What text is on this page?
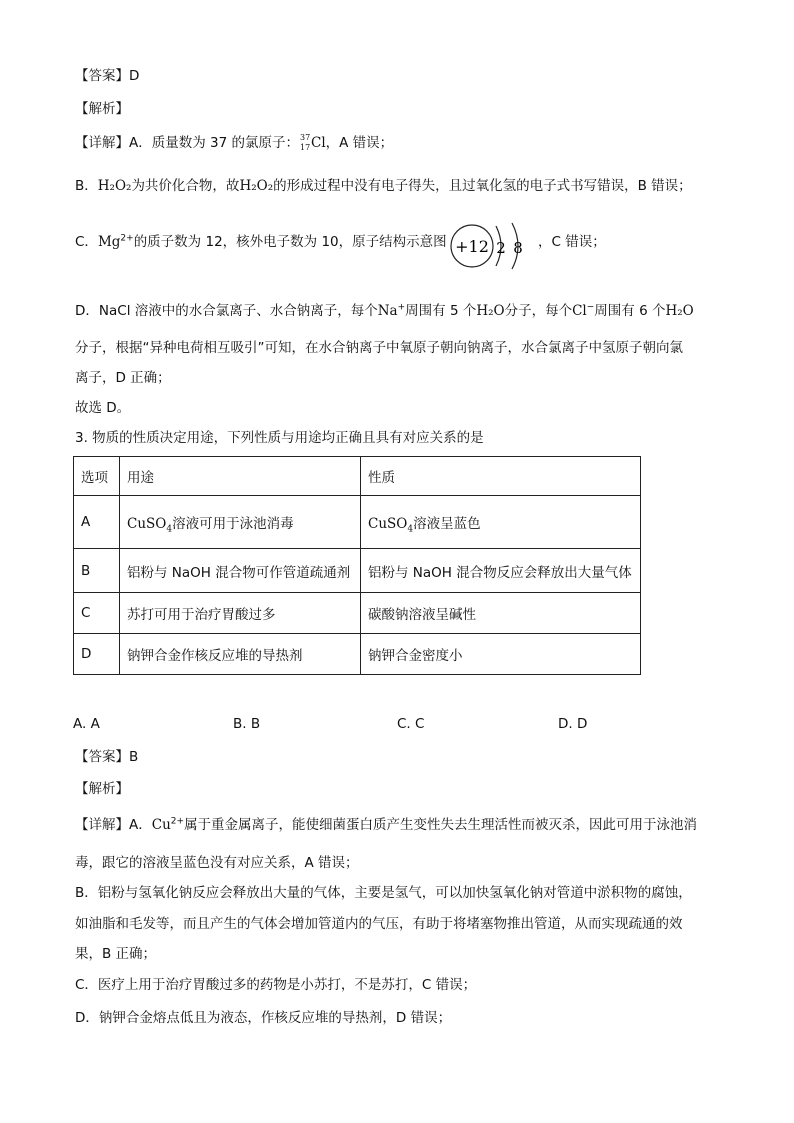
【答案】D
【解析】
【详解】A．质量数为 37 的氯原子： 37
17 Cl，A 错误；
B．H₂O₂为共价化合物，故H₂O₂的形成过程中没有电子得失，且过氧化氢的电子式书写错误，B 错误；
C．$Mg^{2+}$的质子数为 12，核外电子数为 10，原子结构示意图 +12 2 8 ，C 错误；
D．NaCl 溶液中的水合氯离子、水合钠离子，每个Na+周围有 5 个H₂O分子，每个Cl−周围有 6 个H₂O
分子，根据“异种电荷相互吸引”可知，在水合钠离子中氧原子朝向钠离子，水合氯离子中氢原子朝向氯
离子，D 正确；
故选 D。
3. 物质的性质决定用途，下列性质与用途均正确且具有对应关系的是
选项	用途	性质
A	CuSO$_4$溶液可用于泳池消毒	CuSO$_4$溶液呈蓝色
B	铝粉与 NaOH 混合物可作管道疏通剂	铝粉与 NaOH 混合物反应会释放出大量气体
C	苏打可用于治疗胃酸过多	碳酸钠溶液呈碱性
D	钠钾合金作核反应堆的导热剂	钠钾合金密度小
A. A	B. B	C. C	D. D
【答案】B
【解析】
【详解】A．$Cu^{2+}$属于重金属离子，能使细菌蛋白质产生变性失去生理活性而被灭杀，因此可用于泳池消
毒，跟它的溶液呈蓝色没有对应关系，A 错误；
B．铝粉与氢氧化钠反应会释放出大量的气体，主要是氢气，可以加快氢氧化钠对管道中淤积物的腐蚀，
如油脂和毛发等，而且产生的气体会增加管道内的气压，有助于将堵塞物推出管道，从而实现疏通的效
果，B 正确；
C．医疗上用于治疗胃酸过多的药物是小苏打，不是苏打，C 错误；
D．钠钾合金熔点低且为液态，作核反应堆的导热剂，D 错误；
